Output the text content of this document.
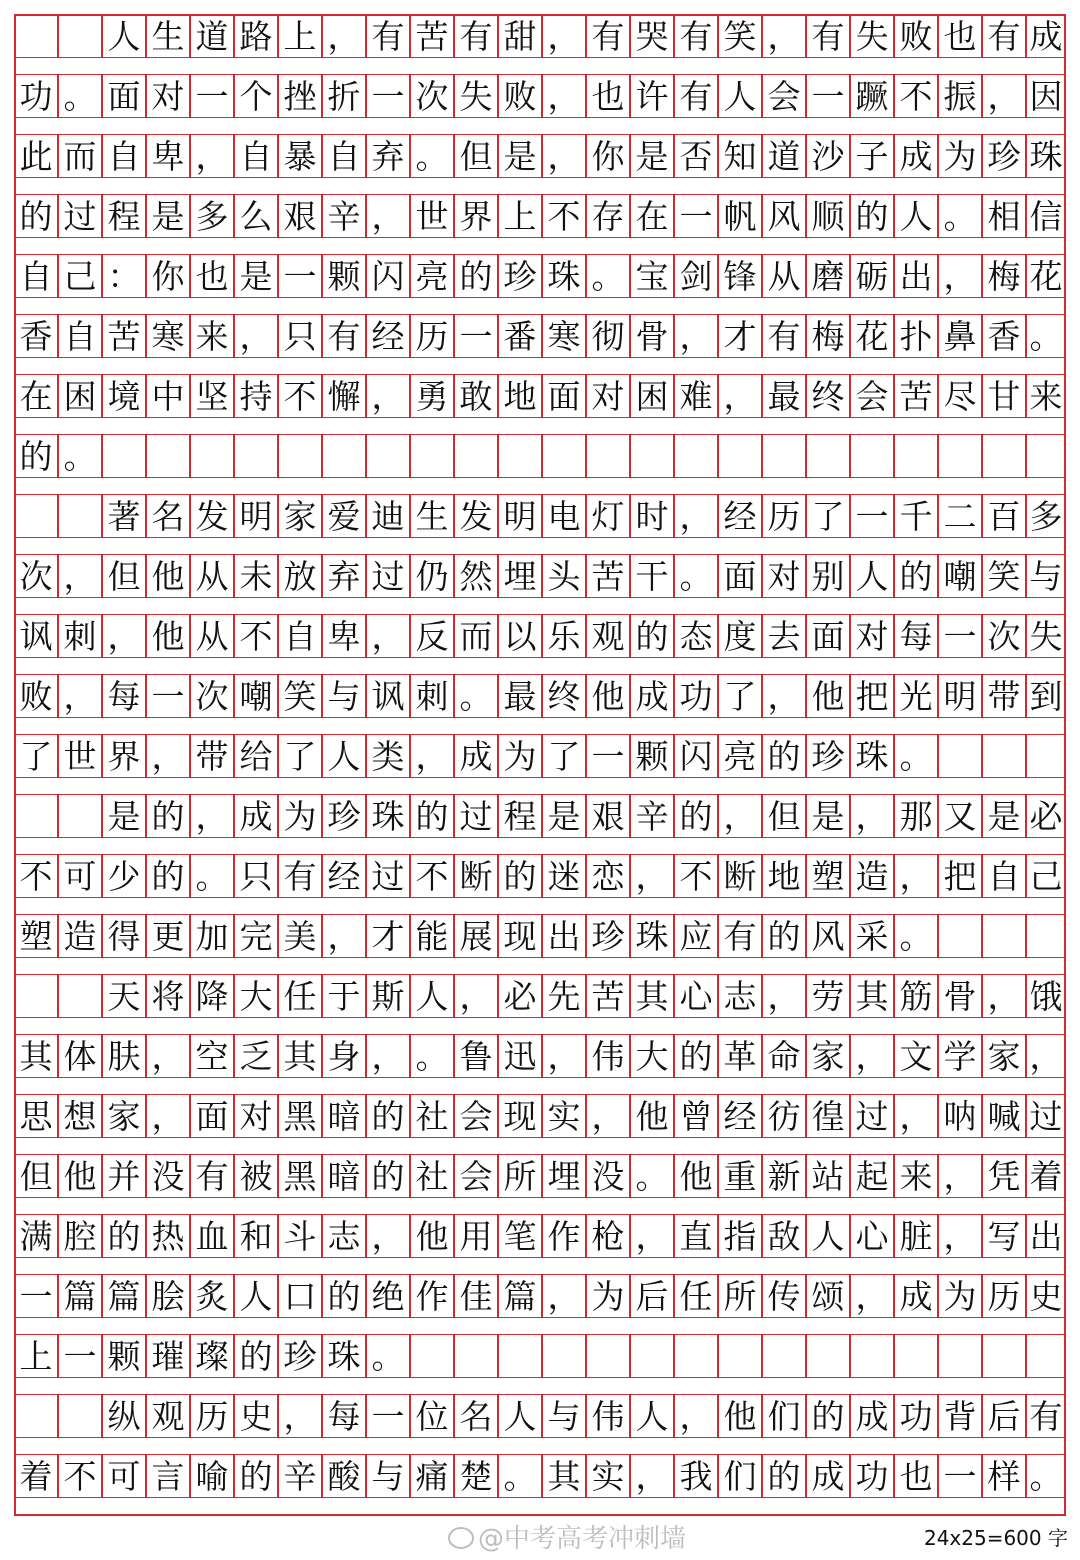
人 生 道 路 上 ， 有 苦 有 甜 ， 有 哭 有 笑 ， 有 失 败 也 有 成
功 。 面 对 一 个 挫 折 一 次 失 败 ， 也 许 有 人 会 一 蹶 不 振 ， 因
此 而 自 卑 ， 自 暴 自 弃 。 但 是 ， 你 是 否 知 道 沙 子 成 为 珍 珠
的 过 程 是 多 么 艰 辛 ， 世 界 上 不 存 在 一 帆 风 顺 的 人 。 相 信
自 己 ： 你 也 是 一 颗 闪 亮 的 珍 珠 。 宝 剑 锋 从 磨 砺 出 ， 梅 花
香 自 苦 寒 来 ， 只 有 经 历 一 番 寒 彻 骨 ， 才 有 梅 花 扑 鼻 香 。
在 困 境 中 坚 持 不 懈 ， 勇 敢 地 面 对 困 难 ， 最 终 会 苦 尽 甘 来
的 。
著 名 发 明 家 爱 迪 生 发 明 电 灯 时 ， 经 历 了 一 千 二 百 多
次 ， 但 他 从 未 放 弃 过 仍 然 埋 头 苦 干 。 面 对 别 人 的 嘲 笑 与
讽 刺 ， 他 从 不 自 卑 ， 反 而 以 乐 观 的 态 度 去 面 对 每 一 次 失
败 ， 每 一 次 嘲 笑 与 讽 刺 。 最 终 他 成 功 了 ， 他 把 光 明 带 到
了 世 界 ， 带 给 了 人 类 ， 成 为 了 一 颗 闪 亮 的 珍 珠 。
是 的 ， 成 为 珍 珠 的 过 程 是 艰 辛 的 ， 但 是 ， 那 又 是 必
不 可 少 的 。 只 有 经 过 不 断 的 迷 恋 ， 不 断 地 塑 造 ， 把 自 己
塑 造 得 更 加 完 美 ， 才 能 展 现 出 珍 珠 应 有 的 风 采 。
天 将 降 大 任 于 斯 人 ， 必 先 苦 其 心 志 ， 劳 其 筋 骨 ， 饿
其 体 肤 ， 空 乏 其 身 ， 。 鲁 迅 ， 伟 大 的 革 命 家 ， 文 学 家 ，
思 想 家 ， 面 对 黑 暗 的 社 会 现 实 ， 他 曾 经 彷 徨 过 ， 呐 喊 过
但 他 并 没 有 被 黑 暗 的 社 会 所 埋 没 。 他 重 新 站 起 来 ， 凭 着
满 腔 的 热 血 和 斗 志 ， 他 用 笔 作 枪 ， 直 指 敌 人 心 脏 ， 写 出
一 篇 篇 脍 炙 人 口 的 绝 作 佳 篇 ， 为 后 任 所 传 颂 ， 成 为 历 史
上 一 颗 璀 璨 的 珍 珠 。
纵 观 历 史 ， 每 一 位 名 人 与 伟 人 ， 他 们 的 成 功 背 后 有
着 不 可 言 喻 的 辛 酸 与 痛 楚 。 其 实 ， 我 们 的 成 功 也 一 样 。
@中考高考冲刺墙	24x25=600 字
